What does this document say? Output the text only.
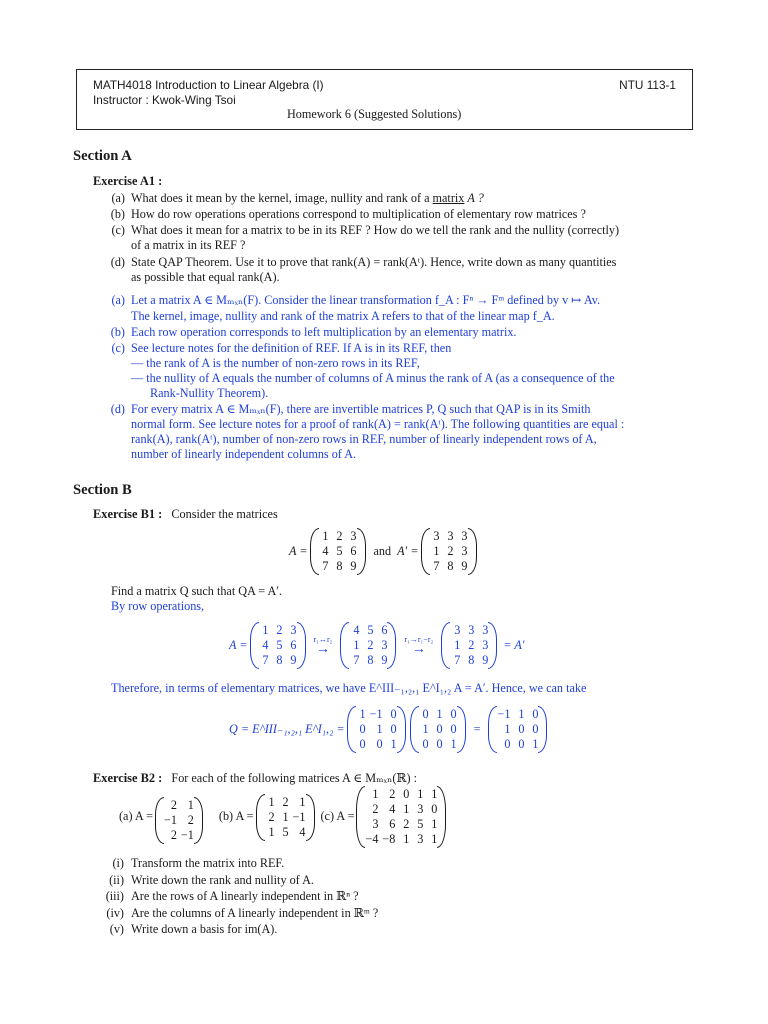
MATH4018 Introduction to Linear Algebra (I)
Instructor : Kwok-Wing Tsoi
NTU 113-1
Homework 6 (Suggested Solutions)
Section A
Exercise A1 :
(a) What does it mean by the kernel, image, nullity and rank of a matrix A ?
(b) How do row operations operations correspond to multiplication of elementary row matrices ?
(c) What does it mean for a matrix to be in its REF ? How do we tell the rank and the nullity (correctly)
of a matrix in its REF ?
(d) State QAP Theorem. Use it to prove that rank(A) = rank(Aᵗ). Hence, write down as many quantities
as possible that equal rank(A).
(a) Let a matrix A ∈ Mₘₓₙ(F). Consider the linear transformation f_A : Fⁿ → Fᵐ defined by v ↦ Av.
The kernel, image, nullity and rank of the matrix A refers to that of the linear map f_A.
(b) Each row operation corresponds to left multiplication by an elementary matrix.
(c) See lecture notes for the definition of REF. If A is in its REF, then
— the rank of A is the number of non-zero rows in its REF,
— the nullity of A equals the number of columns of A minus the rank of A (as a consequence of the
Rank-Nullity Theorem).
(d) For every matrix A ∈ Mₘₓₙ(F), there are invertible matrices P, Q such that QAP is in its Smith
normal form. See lecture notes for a proof of rank(A) = rank(Aᵗ). The following quantities are equal :
rank(A), rank(Aᵗ), number of non-zero rows in REF, number of linearly independent rows of A,
number of linearly independent columns of A.
Section B
Exercise B1 : Consider the matrices
A =
1 2 3
4 5 6
7 8 9
and A′ =
3 3 3
1 2 3
7 8 9
Find a matrix Q such that QA = A′.
By row operations,
A =
1 2 3
4 5 6
7 8 9
r₁↔r₂
→
4 5 6
1 2 3
7 8 9
r₁→r₁−r₂
→
3 3 3
1 2 3
7 8 9
= A′
Therefore, in terms of elementary matrices, we have E^III₋₁,₂,₁ E^I₁,₂ A = A′. Hence, we can take
Q = E^III₋₁,₂,₁ E^I₁,₂ =
1 −1 0
0 1 0
0 0 1
0 1 0
1 0 0
0 0 1
=
−1 1 0
1 0 0
0 0 1
Exercise B2 : For each of the following matrices A ∈ Mₘₓₙ(ℝ) :
(a) A =
2 1
−1 2
2 −1
(b) A =
1 2 1
2 1 −1
1 5 4
(c) A =
1 2 0 1 1
2 4 1 3 0
3 6 2 5 1
−4 −8 1 3 1
(i) Transform the matrix into REF.
(ii) Write down the rank and nullity of A.
(iii) Are the rows of A linearly independent in ℝⁿ ?
(iv) Are the columns of A linearly independent in ℝᵐ ?
(v) Write down a basis for im(A).
